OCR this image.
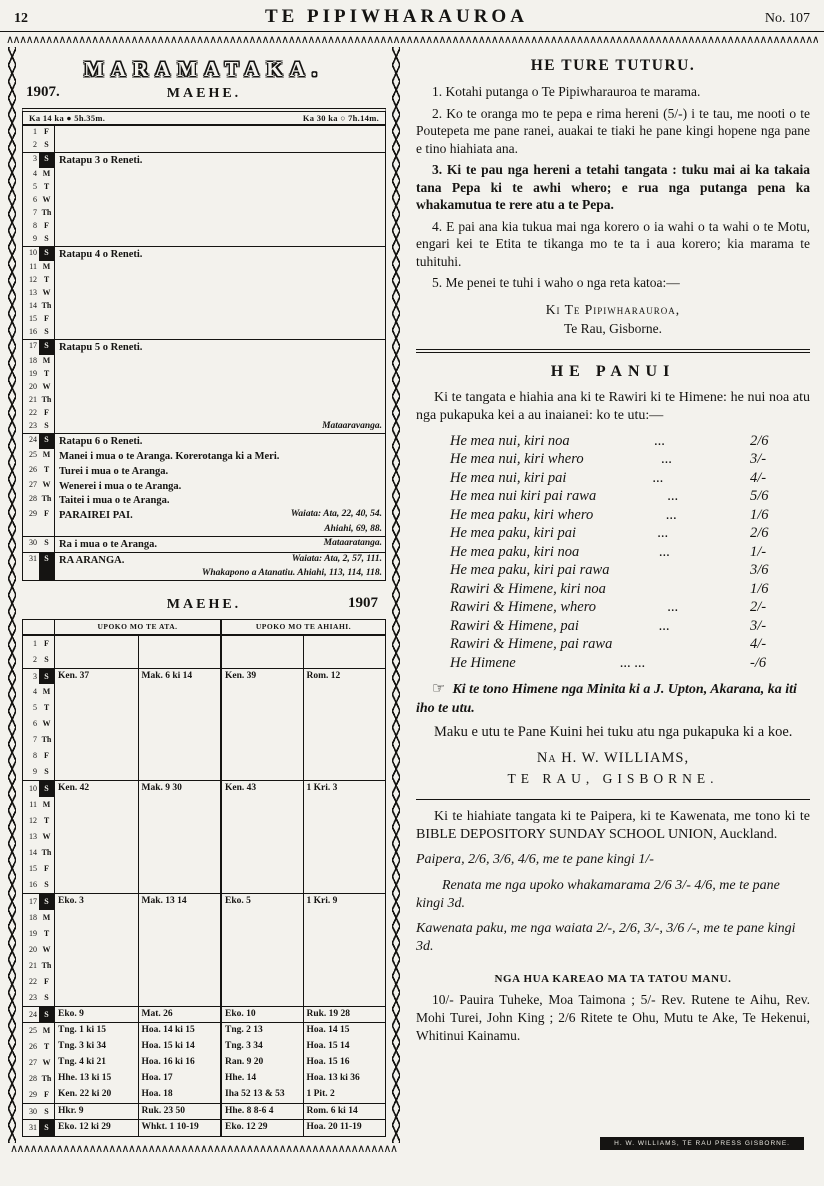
12	TE PIPIWHARAUROA	No. 107
∧∧∧∧∧∧∧∧∧∧∧∧∧∧∧∧∧∧∧∧∧∧∧∧∧∧∧∧∧∧∧∧∧∧∧∧∧∧∧∧∧∧∧∧∧∧∧∧∧∧∧∧∧∧∧∧∧∧∧∧∧∧∧∧∧∧∧∧∧∧∧∧∧∧∧∧∧∧∧∧∧∧∧∧∧∧∧∧∧∧∧∧∧∧∧∧∧∧∧∧∧∧∧∧∧∧∧∧∧∧∧∧∧∧∧∧∧∧∧∧∧∧∧∧∧∧∧∧∧∧∧∧∧∧∧∧∧∧∧∧∧∧
MARAMATAKA.
1907.	MAEHE.
Ka 14 ka ● 5h.35m.	Ka 30 ka ○ 7h.14m.
1 F
2 S
3 S Ratapu 3 o Reneti.
4 M
5 T
6 W
7 Th
8 F
9 S
10 S Ratapu 4 o Reneti.
11 M
12 T
13 W
14 Th
15 F
16 S
17 S Ratapu 5 o Reneti.
18 M
19 T
20 W
21 Th
22 F
23 S	Mataaravanga.
24 S Ratapu 6 o Reneti.
25 M Manei i mua o te Aranga. Korerotanga ki a Meri.
26 T Turei i mua o te Aranga.
27 W Wenerei i mua o te Aranga.
28 Th Taitei i mua o te Aranga.
29 F	Waiata: Ata, 22, 40, 54.
PARAIREI PAI.
Ahiahi, 69, 88.
30 S	Mataaratanga.
Ra i mua o te Aranga.
31 S	Waiata: Ata, 2, 57, 111.
RA ARANGA.
Whakapono a Atanatiu. Ahiahi, 113, 114, 118.
MAEHE.	1907
UPOKO MO TE ATA.	UPOKO MO TE AHIAHI.
1 F
2 S
3 S Ken. 37	Mak. 6 ki 14	Ken. 39	Rom. 12
4 M
5 T
6 W
7 Th
8 F
9 S
10 S Ken. 42	Mak. 9 30	Ken. 43	1 Kri. 3
11 M
12 T
13 W
14 Th
15 F
16 S
17 S Eko. 3	Mak. 13 14	Eko. 5	1 Kri. 9
18 M
19 T
20 W
21 Th
22 F
23 S
24 S Eko. 9	Mat. 26	Eko. 10	Ruk. 19 28
25 M Tng. 1 ki 15	Hoa. 14 ki 15	Tng. 2 13	Hoa. 14 15
26 T Tng. 3 ki 34	Hoa. 15 ki 14	Tng. 3 34	Hoa. 15 14
27 W Tng. 4 ki 21	Hoa. 16 ki 16	Ran. 9 20	Hoa. 15 16
28 Th Hhe. 13 ki 15	Hoa. 17	Hhe. 14	Hoa. 13 ki 36
29 F Ken. 22 ki 20	Hoa. 18	Iha 52 13 & 53	1 Pit. 2
30 S Hkr. 9	Ruk. 23 50	Hhe. 8 8-6 4	Rom. 6 ki 14
31 S Eko. 12 ki 29	Whkt. 1 10-19	Eko. 12 29	Hoa. 20 11-19
∧∧∧∧∧∧∧∧∧∧∧∧∧∧∧∧∧∧∧∧∧∧∧∧∧∧∧∧∧∧∧∧∧∧∧∧∧∧∧∧∧∧∧∧∧∧∧∧∧∧∧∧∧∧∧∧∧∧∧∧∧∧∧∧∧∧∧∧∧∧∧∧∧∧∧∧∧∧∧∧∧∧∧∧∧∧∧∧∧∧∧∧∧∧∧∧∧∧∧∧∧∧∧∧∧∧∧∧∧∧∧∧∧∧∧∧∧∧∧∧∧∧∧∧∧∧∧∧∧∧∧∧∧∧∧∧∧∧∧∧∧∧
HE TURE TUTURU.

1. Kotahi putanga o Te Pipiwharauroa te marama.

2. Ko te oranga mo te pepa e rima hereni (5/-) i te tau, me nooti o te Poutepeta me pane ranei, auakai te tiaki he pane kingi hopene nga pane e tino hiahiata ana.

3. Ki te pau nga hereni a tetahi tangata : tuku mai ai ka takaia tana Pepa ki te awhi whero; e rua nga putanga pena ka whakamutua te rere atu a te Pepa.

4. E pai ana kia tukua mai nga korero o ia wahi o ta wahi o te Motu, engari kei te Etita te tikanga mo te ta i aua korero; kia marama te tuhituhi.

5. Me penei te tuhi i waho o nga reta katoa:—

Ki Te Pipiwharauroa,

Te Rau, Gisborne.

HE PANUI

Ki te tangata e hiahia ana ki te Rawiri ki te Himene: he nui noa atu nga pukapuka kei a au inaianei: ko te utu:—

He mea nui, kiri noa	...	2/6
He mea nui, kiri whero	...	3/-
He mea nui, kiri pai	...	4/-
He mea nui kiri pai rawa	...	5/6
He mea paku, kiri whero	...	1/6
He mea paku, kiri pai	...	2/6
He mea paku, kiri noa	...	1/-
He mea paku, kiri pai rawa	3/6
Rawiri & Himene, kiri noa	1/6
Rawiri & Himene, whero	...	2/-
Rawiri & Himene, pai	...	3/-
Rawiri & Himene, pai rawa	4/-
He Himene	... ...	-/6

☞ Ki te tono Himene nga Minita ki a J. Upton, Akarana, ka iti iho te utu.

Maku e utu te Pane Kuini hei tuku atu nga pukapuka ki a koe.

Na H. W. WILLIAMS,

TE RAU, GISBORNE.

Ki te hiahiate tangata ki te Paipera, ki te Kawenata, me tono ki te BIBLE DEPOSITORY SUNDAY SCHOOL UNION, Auckland.

Paipera, 2/6, 3/6, 4/6, me te pane kingi 1/-

Renata me nga upoko whakamarama 2/6 3/- 4/6, me te pane kingi 3d.

Kawenata paku, me nga waiata 2/-, 2/6, 3/-, 3/6 /-, me te pane kingi 3d.

NGA HUA KAREAO MA TA TATOU MANU.

10/- Pauira Tuheke, Moa Taimona ; 5/- Rev. Rutene te Aihu, Rev. Mohi Turei, John King ; 2/6 Ritete te Ohu, Mutu te Ake, Te Hekenui, Whitinui Kainamu.

H. W. WILLIAMS, TE RAU PRESS GISBORNE.
